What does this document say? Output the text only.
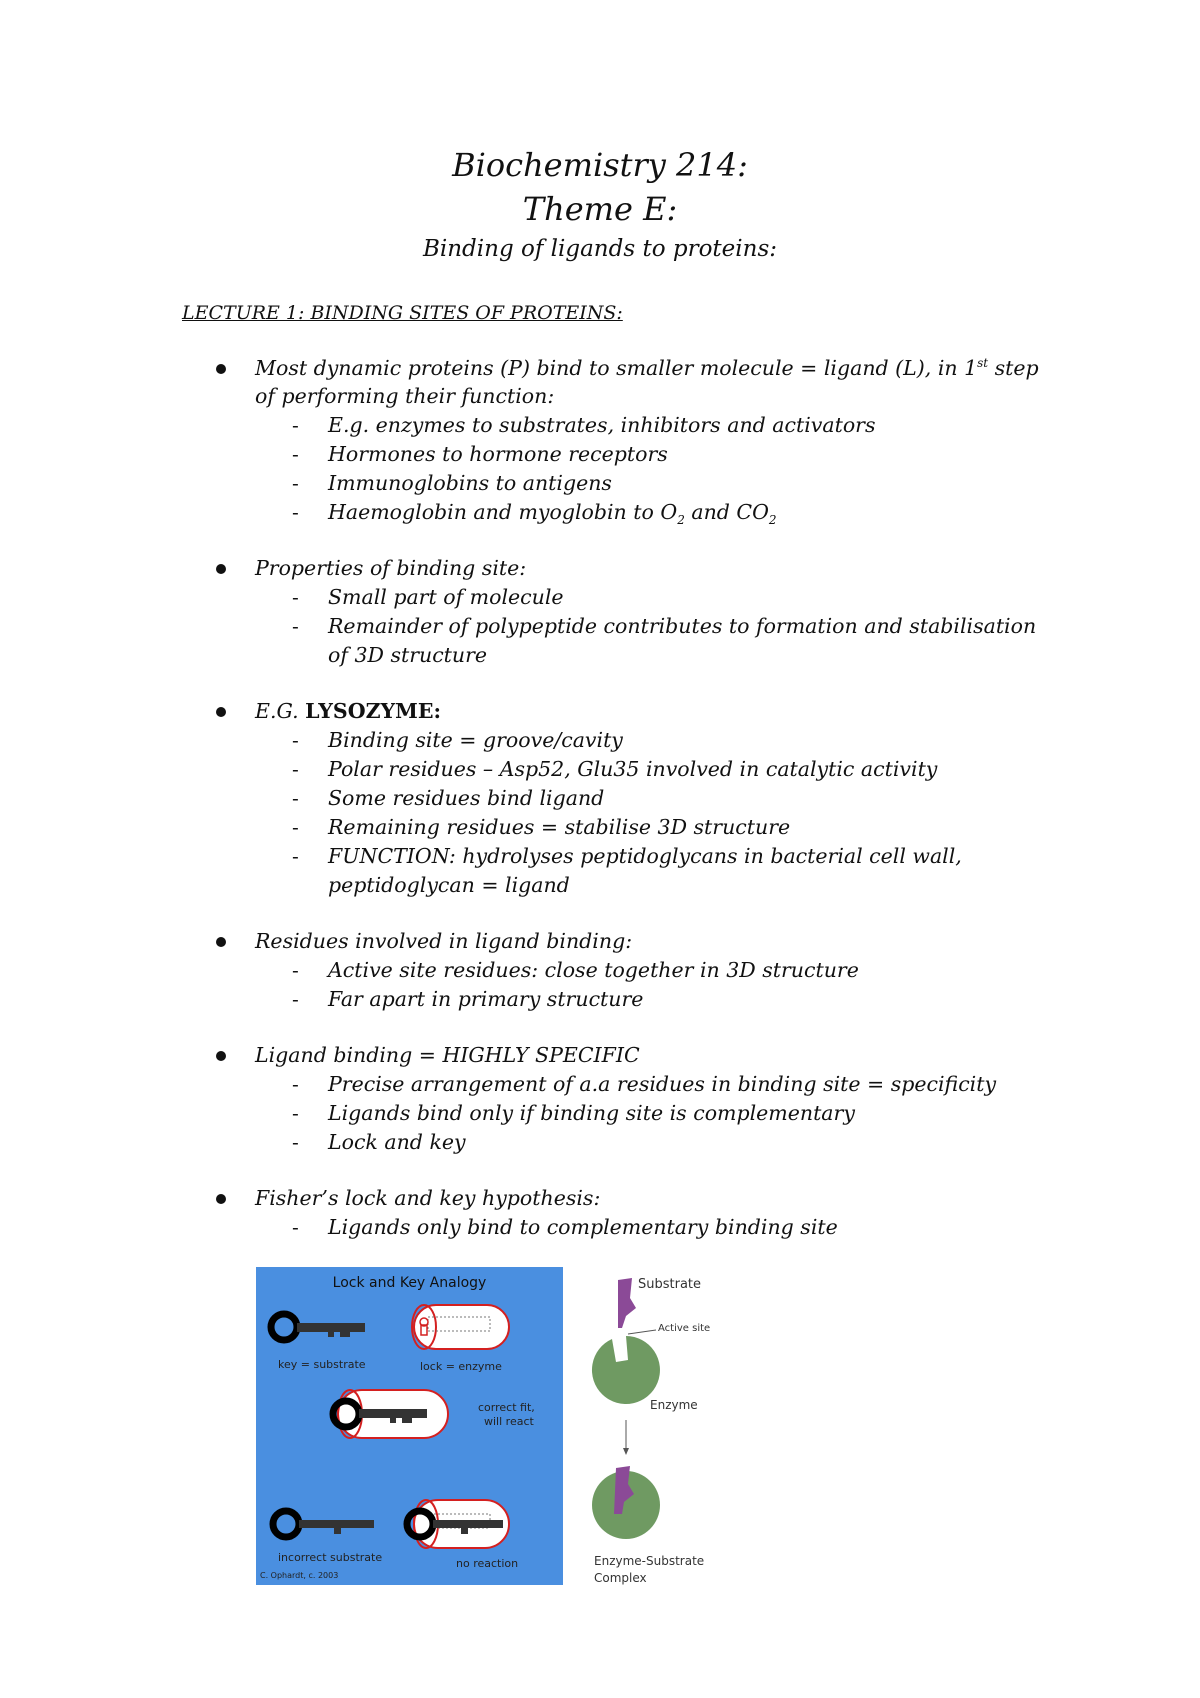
Biochemistry 214:
Theme E:
Binding of ligands to proteins:
LECTURE 1: BINDING SITES OF PROTEINS:
Most dynamic proteins (P) bind to smaller molecule = ligand (L), in 1st step
of performing their function:
- E.g. enzymes to substrates, inhibitors and activators
- Hormones to hormone receptors
- Immunoglobins to antigens
- Haemoglobin and myoglobin to $O_2$ and $CO_2$
Properties of binding site:
- Small part of molecule
- Remainder of polypeptide contributes to formation and stabilisation
of 3D structure
E.G. LYSOZYME:
- Binding site = groove/cavity
- Polar residues – Asp52, Glu35 involved in catalytic activity
- Some residues bind ligand
- Remaining residues = stabilise 3D structure
- FUNCTION: hydrolyses peptidoglycans in bacterial cell wall,
peptidoglycan = ligand
Residues involved in ligand binding:
- Active site residues: close together in 3D structure
- Far apart in primary structure
Ligand binding = HIGHLY SPECIFIC
- Precise arrangement of a.a residues in binding site = specificity
- Ligands bind only if binding site is complementary
- Lock and key
Fisher’s lock and key hypothesis:
- Ligands only bind to complementary binding site
Lock and Key Analogy
key = substrate	lock = enzyme
correct fit,
will react
incorrect substrate	no reaction
C. Ophardt, c. 2003
Substrate
Active site
Enzyme
Enzyme-Substrate
Complex
